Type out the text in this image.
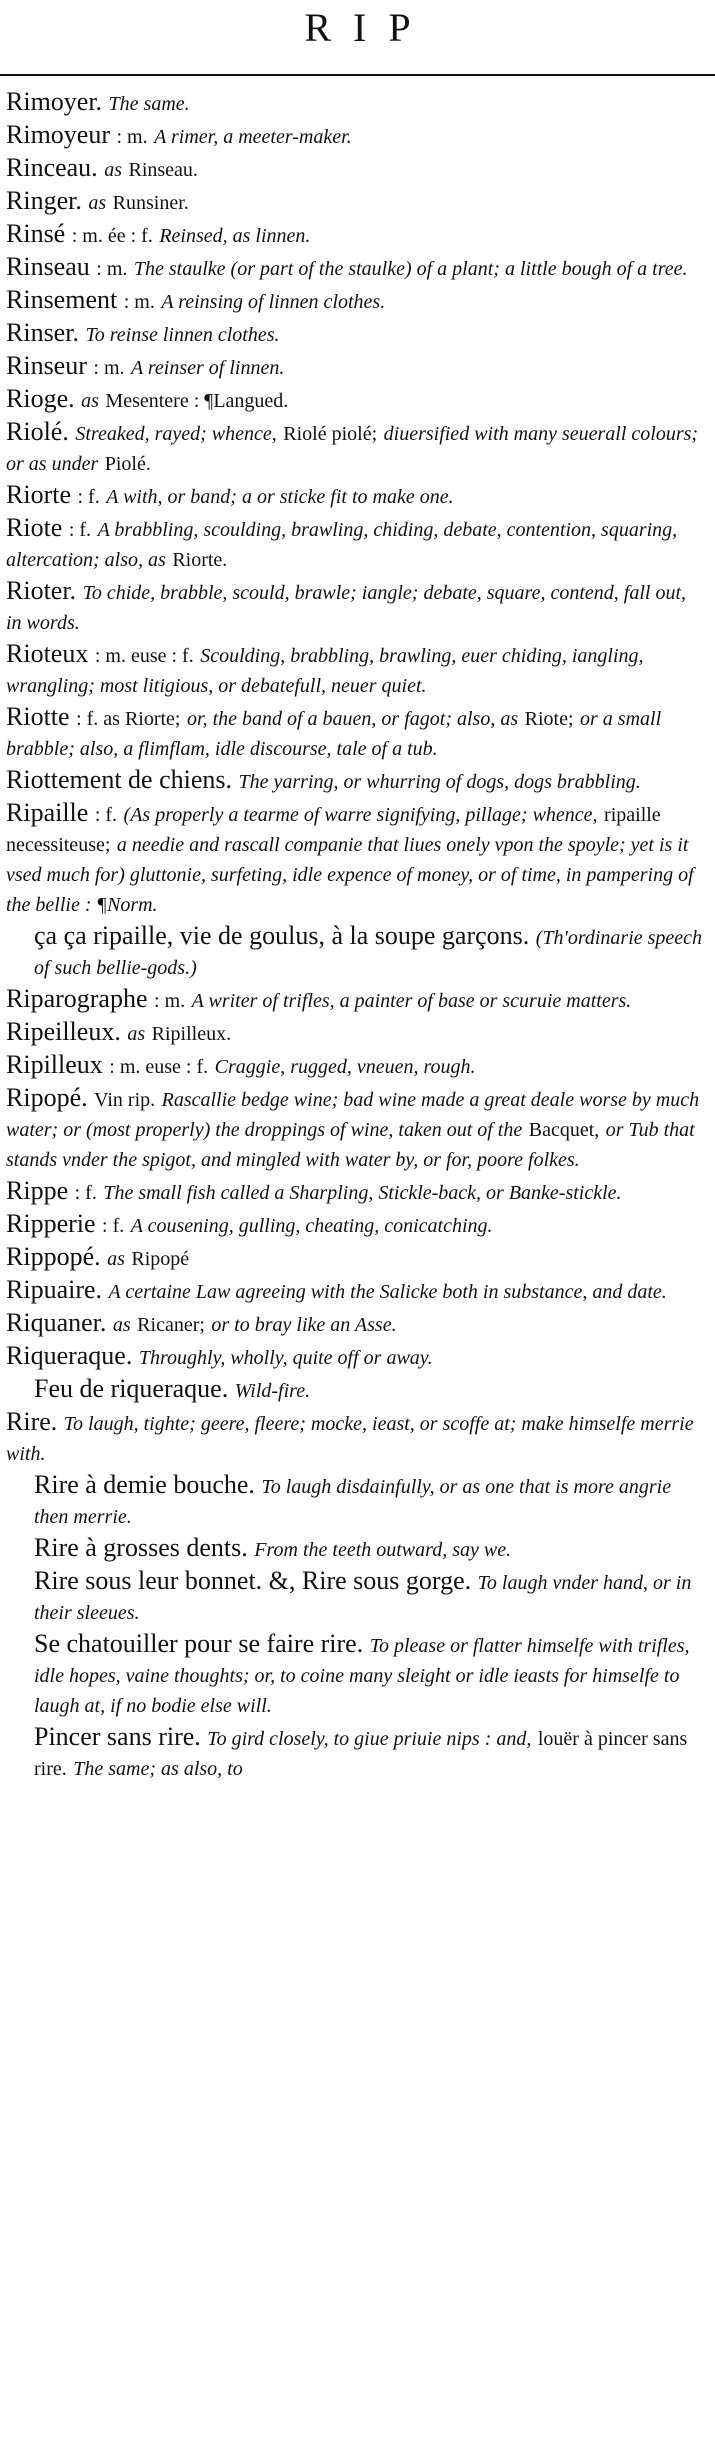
RIP
Rimoyer. The same.
Rimoyeur : m. A rimer, a meeter-maker.
Rinceau. as Rinseau.
Ringer. as Runsiner.
Rinsé : m. ée : f. Reinsed, as linnen.
Rinseau : m. The staulke (or part of the staulke) of a plant; a little bough of a tree.
Rinsement : m. A reinsing of linnen clothes.
Rinser. To reinse linnen clothes.
Rinseur : m. A reinser of linnen.
Rioge. as Mesentere : ¶Langued.
Riolé. Streaked, rayed; whence, Riolé piolé; diuersified with many seuerall colours; or as under Piolé.
Riorte : f. A with, or band; a or sticke fit to make one.
Riote : f. A brabbling, scoulding, brawling, chiding, debate, contention, squaring, altercation; also, as Riorte.
Rioter. To chide, brabble, scould, brawle; iangle; debate, square, contend, fall out, in words.
Rioteux : m. euse : f. Scoulding, brabbling, brawling, euer chiding, iangling, wrangling; most litigious, or debatefull, neuer quiet.
Riotte : f. as Riorte; or, the band of a bauen, or fagot; also, as Riote; or a small brabble; also, a flimflam, idle discourse, tale of a tub.
Riottement de chiens. The yarring, or whurring of dogs, dogs brabbling.
Ripaille : f. (As properly a tearme of warre signifying, pillage; whence, ripaille necessiteuse; a needie and rascall companie that liues onely vpon the spoyle; yet is it vsed much for) gluttonie, surfeting, idle expence of money, or of time, in pampering of the bellie : ¶Norm.
ça ça ripaille, vie de goulus, à la soupe garçons. (Th'ordinarie speech of such bellie-gods.)
Riparographe : m. A writer of trifles, a painter of base or scuruie matters.
Ripeilleux. as Ripilleux.
Ripilleux : m. euse : f. Craggie, rugged, vneuen, rough.
Ripopé. Vin rip. Rascallie bedge wine; bad wine made a great deale worse by much water; or (most properly) the droppings of wine, taken out of the Bacquet, or Tub that stands vnder the spigot, and mingled with water by, or for, poore folkes.
Rippe : f. The small fish called a Sharpling, Stickle-back, or Banke-stickle.
Ripperie : f. A cousening, gulling, cheating, conicatching.
Rippopé. as Ripopé
Ripuaire. A certaine Law agreeing with the Salicke both in substance, and date.
Riquaner. as Ricaner; or to bray like an Asse.
Riqueraque. Throughly, wholly, quite off or away.
Feu de riqueraque. Wild-fire.
Rire. To laugh, tighte; geere, fleere; mocke, ieast, or scoffe at; make himselfe merrie with.
Rire à demie bouche. To laugh disdainfully, or as one that is more angrie then merrie.
Rire à grosses dents. From the teeth outward, say we.
Rire sous leur bonnet. &, Rire sous gorge. To laugh vnder hand, or in their sleeues.
Se chatouiller pour se faire rire. To please or flatter himselfe with trifles, idle hopes, vaine thoughts; or, to coine many sleight or idle ieasts for himselfe to laugh at, if no bodie else will.
Pincer sans rire. To gird closely, to giue priuie nips : and, louër à pincer sans rire. The same; as also, to
